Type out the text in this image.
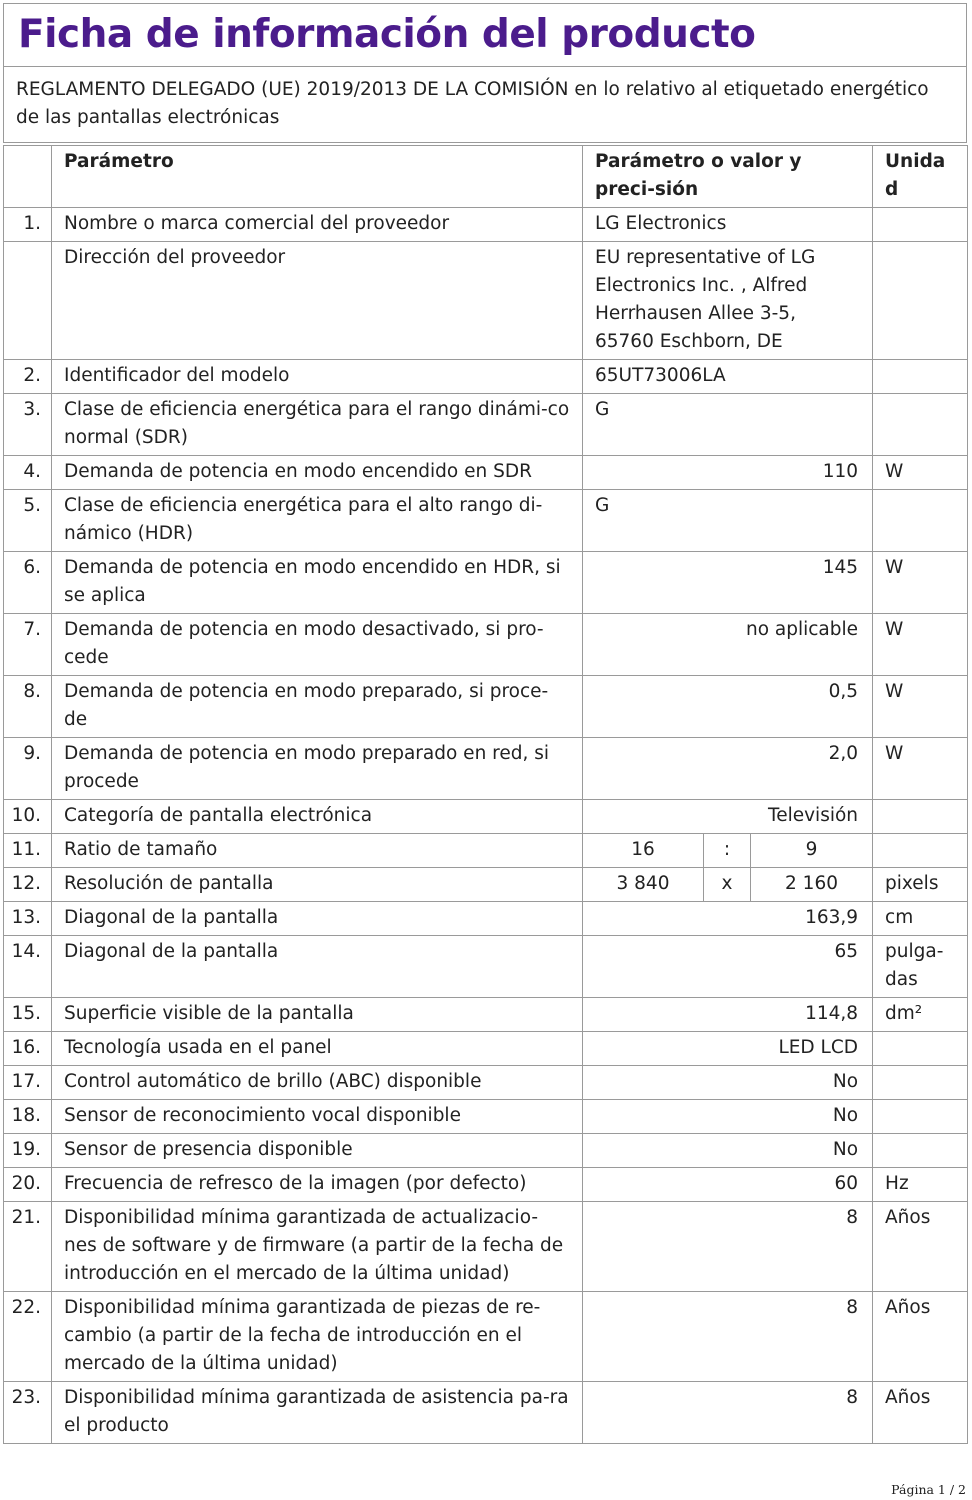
Ficha de información del producto
REGLAMENTO DELEGADO (UE) 2019/2013 DE LA COMISIÓN en lo relativo al etiquetado energético de las pantallas electrónicas
	Parámetro	Parámetro o valor y preci-sión			Unidad
1.	Nombre o marca comercial del proveedor	LG Electronics			
	Dirección del proveedor	EU representative of LG Electronics Inc. , Alfred Herrhausen Allee 3-5, 65760 Eschborn, DE			
2.	Identificador del modelo	65UT73006LA			
3.	Clase de eficiencia energética para el rango dinámi-co normal (SDR)	G			
4.	Demanda de potencia en modo encendido en SDR	110			W
5.	Clase de eficiencia energética para el alto rango di-námico (HDR)	G			
6.	Demanda de potencia en modo encendido en HDR, si se aplica	145			W
7.	Demanda de potencia en modo desactivado, si pro-cede	no aplicable			W
8.	Demanda de potencia en modo preparado, si proce-de	0,5			W
9.	Demanda de potencia en modo preparado en red, si procede	2,0			W
10.	Categoría de pantalla electrónica	Televisión			
11.	Ratio de tamaño	16	:	9	
12.	Resolución de pantalla	3 840	x	2 160	pixels
13.	Diagonal de la pantalla	163,9			cm
14.	Diagonal de la pantalla	65			pulga-das
15.	Superficie visible de la pantalla	114,8			dm²
16.	Tecnología usada en el panel	LED LCD			
17.	Control automático de brillo (ABC) disponible	No			
18.	Sensor de reconocimiento vocal disponible	No			
19.	Sensor de presencia disponible	No			
20.	Frecuencia de refresco de la imagen (por defecto)	60			Hz
21.	Disponibilidad mínima garantizada de actualizacio-nes de software y de firmware (a partir de la fecha de introducción en el mercado de la última unidad)	8			Años
22.	Disponibilidad mínima garantizada de piezas de re-cambio (a partir de la fecha de introducción en el mercado de la última unidad)	8			Años
23.	Disponibilidad mínima garantizada de asistencia pa-ra el producto	8			Años
Página 1 / 2
